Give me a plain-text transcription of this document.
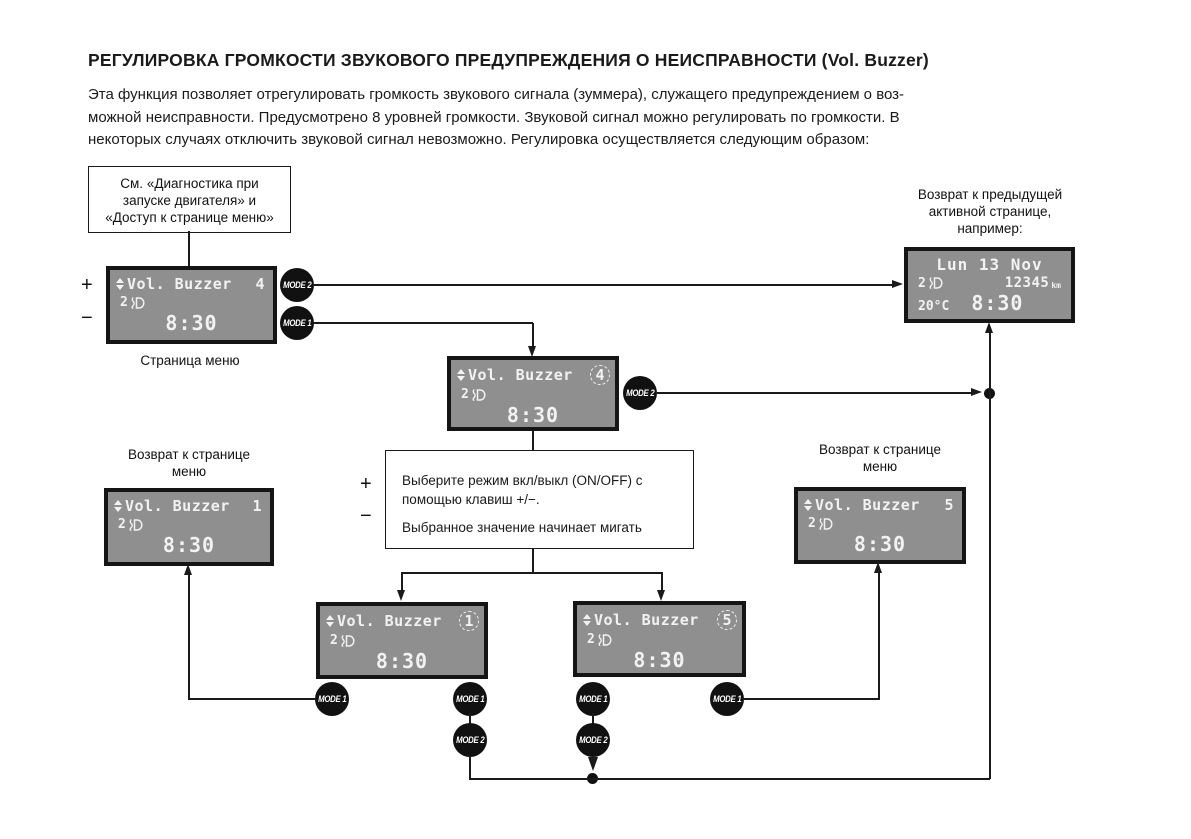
РЕГУЛИРОВКА ГРОМКОСТИ ЗВУКОВОГО ПРЕДУПРЕЖДЕНИЯ О НЕИСПРАВНОСТИ (Vol. Buzzer)
Эта функция позволяет отрегулировать громкость звукового сигнала (зуммера), служащего предупреждением о воз-
можной неисправности. Предусмотрено 8 уровней громкости. Звуковой сигнал можно регулировать по громкости. В
некоторых случаях отключить звуковой сигнал невозможно. Регулировка осуществляется следующим образом:
См. «Диагностика при
запуске двигателя» и
«Доступ к странице меню»
+
−
Vol. Buzzer 4
2
8:30
Страница меню
MODE 2
MODE 1
Возврат к предыдущей
активной странице,
например:
Lun 13 Nov
2	12345 km
20°C 8:30
Vol. Buzzer	4
2
8:30
MODE 2
Выберите режим вкл/выкл (ON/OFF) с помощью клавиш +/−.
Выбранное значение начинает мигать
+
−
Возврат к странице
меню
Vol. Buzzer 1
2
8:30
Возврат к странице
меню
Vol. Buzzer 5
2
8:30
Vol. Buzzer	1
2
8:30
Vol. Buzzer	5
2
8:30
MODE 1	MODE 1	MODE 1	MODE 1
MODE 2	MODE 2
